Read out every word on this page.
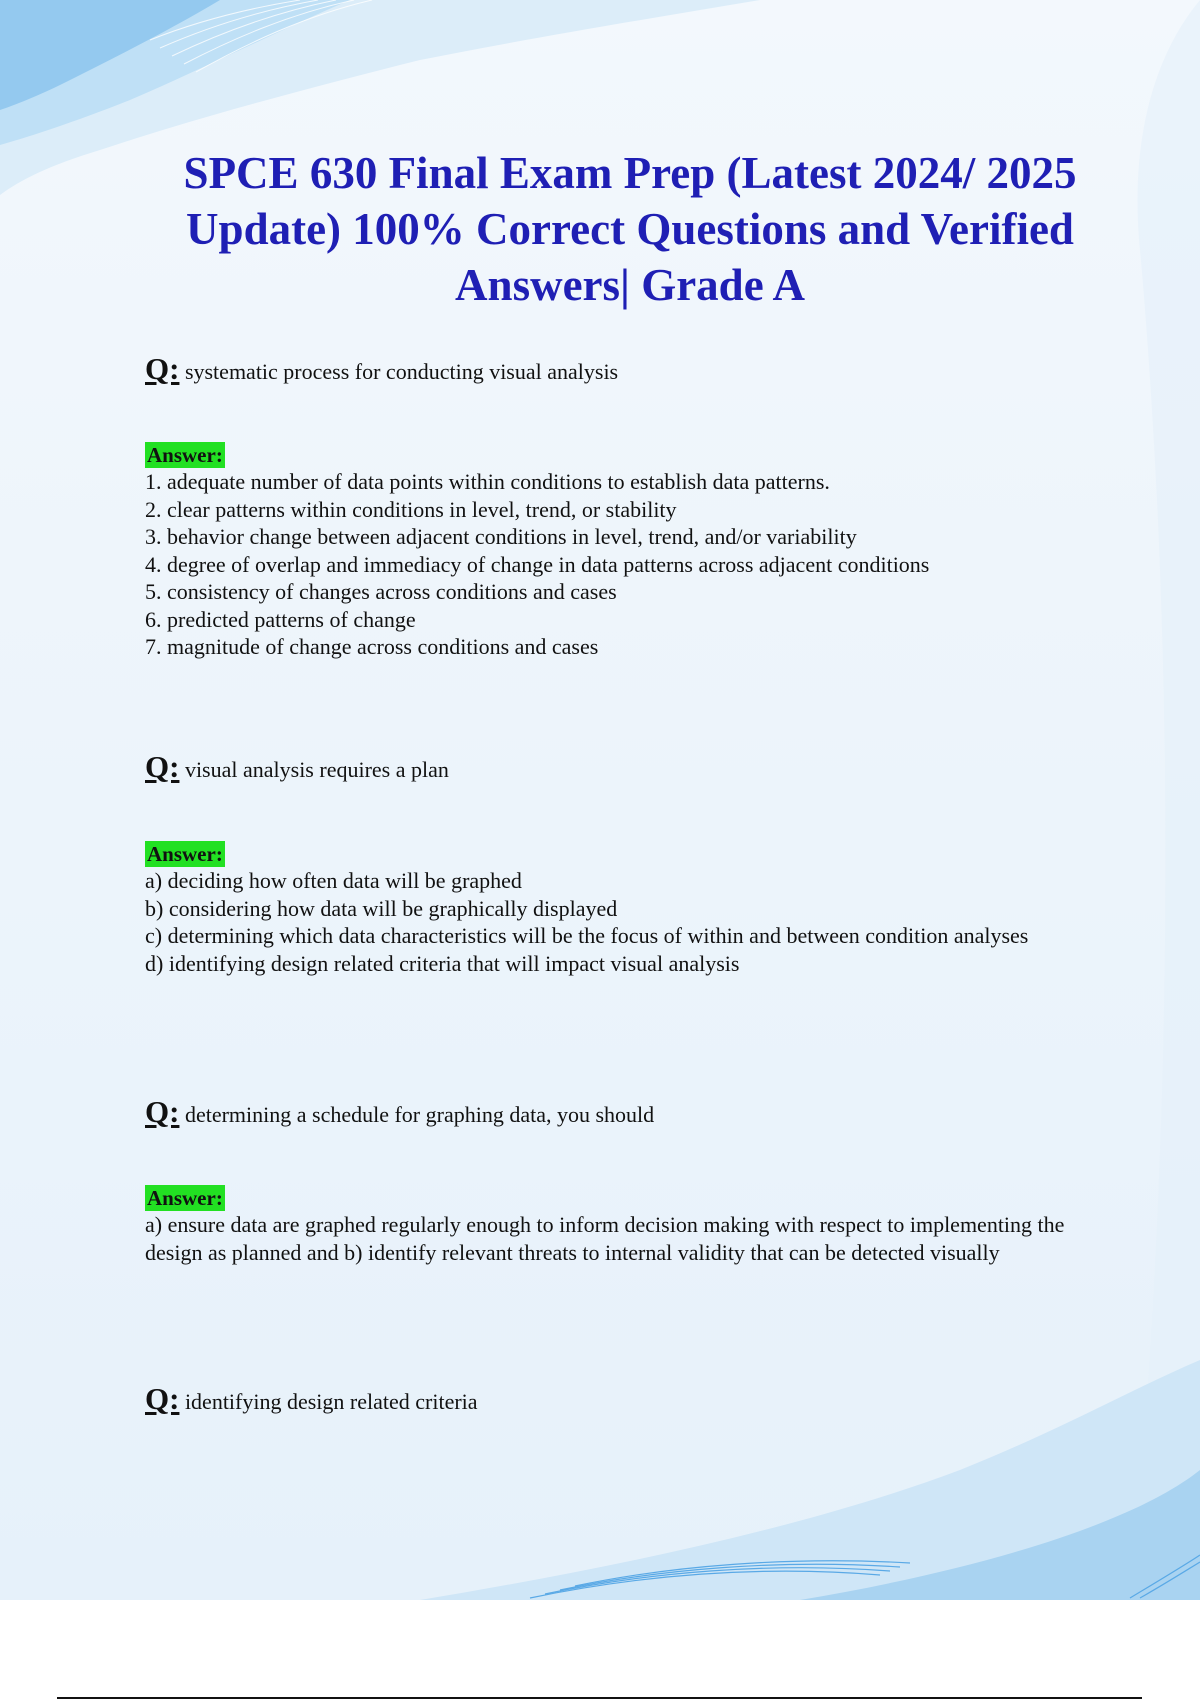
SPCE 630 Final Exam Prep (Latest 2024/ 2025 Update) 100% Correct Questions and Verified Answers| Grade A
Q: systematic process for conducting visual analysis
Answer:
1. adequate number of data points within conditions to establish data patterns.
2. clear patterns within conditions in level, trend, or stability
3. behavior change between adjacent conditions in level, trend, and/or variability
4. degree of overlap and immediacy of change in data patterns across adjacent conditions
5. consistency of changes across conditions and cases
6. predicted patterns of change
7. magnitude of change across conditions and cases
Q: visual analysis requires a plan
Answer:
a) deciding how often data will be graphed
b) considering how data will be graphically displayed
c) determining which data characteristics will be the focus of within and between condition analyses
d) identifying design related criteria that will impact visual analysis
Q: determining a schedule for graphing data, you should
Answer:

a) ensure data are graphed regularly enough to inform decision making with respect to implementing the design as planned and b) identify relevant threats to internal validity that can be detected visually

Q: identifying design related criteria
